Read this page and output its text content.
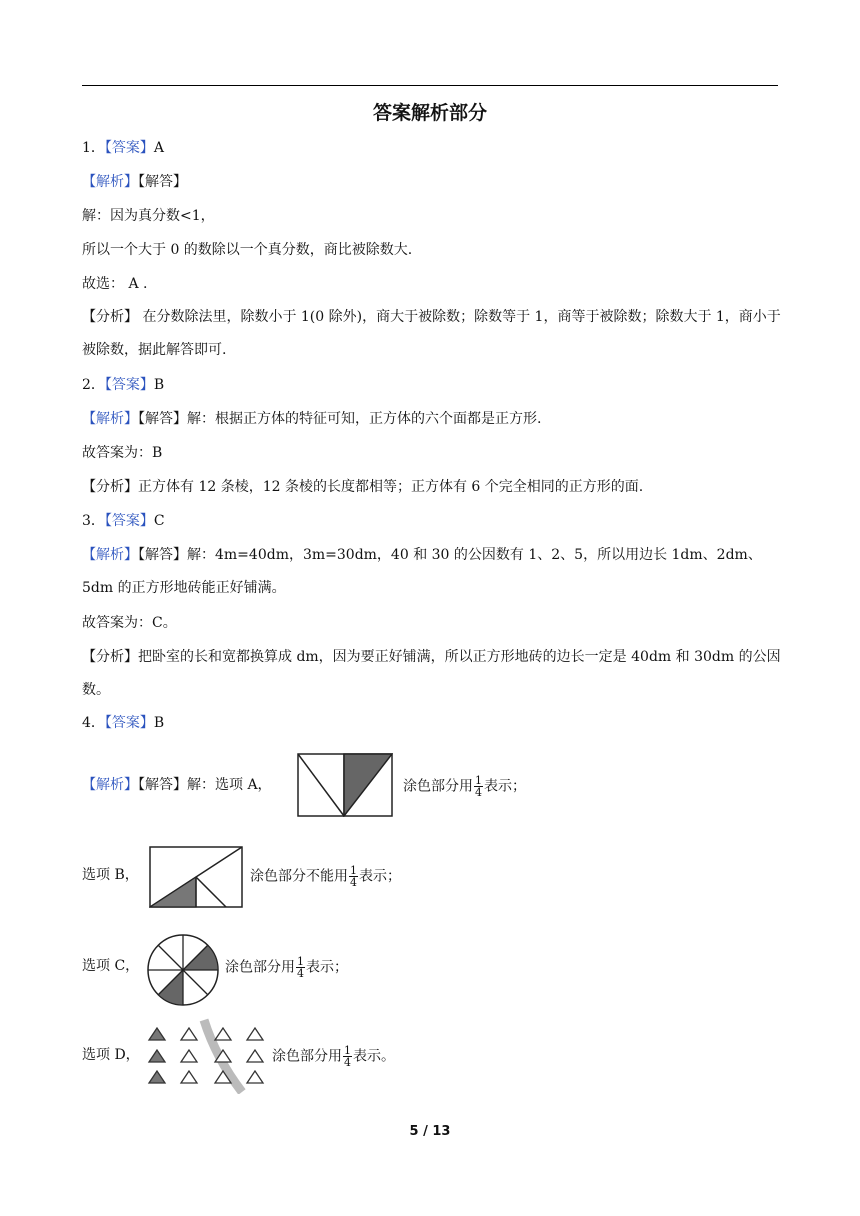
答案解析部分
1．【答案】A
【解析】【解答】
解：因为真分数<1，
所以一个大于 0 的数除以一个真分数，商比被除数大.
故选： A .
【分析】 在分数除法里，除数小于 1(0 除外)，商大于被除数；除数等于 1，商等于被除数；除数大于 1，商小于被除数，据此解答即可.
2．【答案】B
【解析】【解答】解：根据正方体的特征可知，正方体的六个面都是正方形.
故答案为：B
【分析】正方体有 12 条棱，12 条棱的长度都相等；正方体有 6 个完全相同的正方形的面.
3．【答案】C
【解析】【解答】解：4m=40dm，3m=30dm，40 和 30 的公因数有 1、2、5，所以用边长 1dm、2dm、5dm 的正方形地砖能正好铺满。
故答案为：C。
【分析】把卧室的长和宽都换算成 dm，因为要正好铺满，所以正方形地砖的边长一定是 40dm 和 30dm 的公因数。
4．【答案】B
【解析】【解答】解：选项 A，	涂色部分用 $\frac{1}{4}$ 表示；
选项 B，	涂色部分不能用 $\frac{1}{4}$ 表示；
选项 C，	涂色部分用 $\frac{1}{4}$ 表示；
选项 D，	涂色部分用 $\frac{1}{4}$ 表示。
5 / 13
